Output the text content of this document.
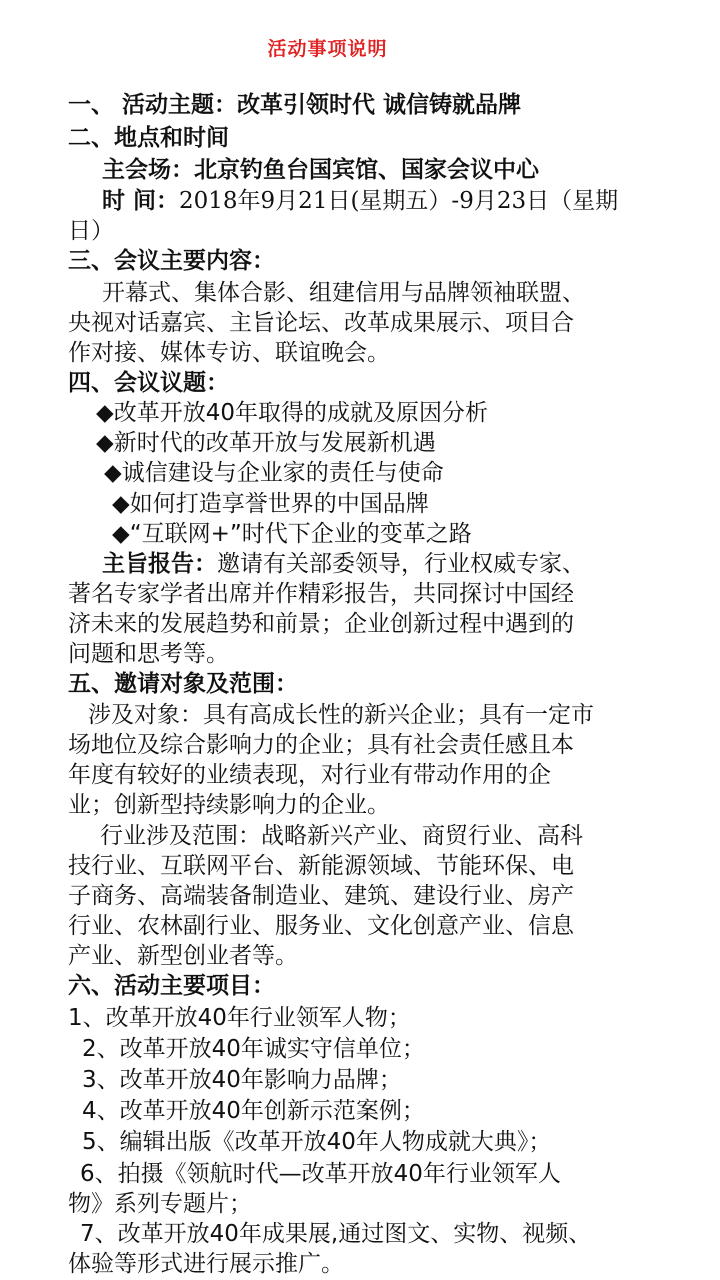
活动事项说明
一、 活动主题：改革引领时代 诚信铸就品牌
二、地点和时间
主会场：北京钓鱼台国宾馆、国家会议中心
时 间：2018年9月21日(星期五）-9月23日（星期
日）
三、会议主要内容：
开幕式、集体合影、组建信用与品牌领袖联盟、
央视对话嘉宾、主旨论坛、改革成果展示、项目合
作对接、媒体专访、联谊晚会。
四、会议议题：
◆改革开放40年取得的成就及原因分析
◆新时代的改革开放与发展新机遇
◆诚信建设与企业家的责任与使命
◆如何打造享誉世界的中国品牌
◆“互联网+”时代下企业的变革之路
主旨报告：邀请有关部委领导，行业权威专家、
著名专家学者出席并作精彩报告，共同探讨中国经
济未来的发展趋势和前景；企业创新过程中遇到的
问题和思考等。
五、邀请对象及范围：
涉及对象：具有高成长性的新兴企业；具有一定市
场地位及综合影响力的企业；具有社会责任感且本
年度有较好的业绩表现，对行业有带动作用的企
业；创新型持续影响力的企业。
行业涉及范围：战略新兴产业、商贸行业、高科
技行业、互联网平台、新能源领域、节能环保、电
子商务、高端装备制造业、建筑、建设行业、房产
行业、农林副行业、服务业、文化创意产业、信息
产业、新型创业者等。
六、活动主要项目：
1、改革开放40年行业领军人物；
2、改革开放40年诚实守信单位；
3、改革开放40年影响力品牌；
4、改革开放40年创新示范案例；
5、编辑出版《改革开放40年人物成就大典》；
6、拍摄《领航时代—改革开放40年行业领军人
物》系列专题片；
7、改革开放40年成果展,通过图文、实物、视频、
体验等形式进行展示推广。
